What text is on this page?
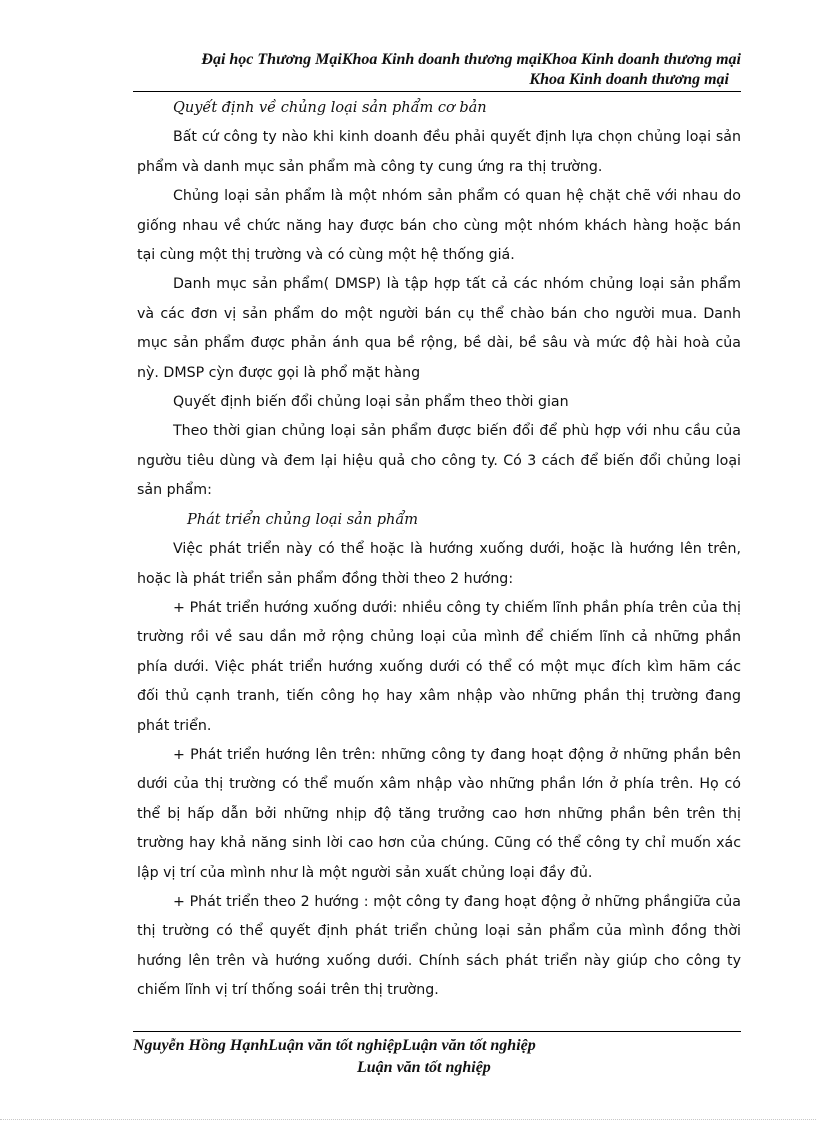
Đại học Thương MạiKhoa Kinh doanh thương mạiKhoa Kinh doanh thương mại
Khoa Kinh doanh thương mại

Quyết định về chủng loại sản phẩm cơ bản

Bất cứ công ty nào khi kinh doanh đều phải quyết định lựa chọn chủng loại sản phẩm và danh mục sản phẩm mà công ty cung ứng ra thị trường.

Chủng loại sản phẩm là một nhóm sản phẩm có quan hệ chặt chẽ với nhau do giống nhau về chức năng hay được bán cho cùng một nhóm khách hàng hoặc bán tại cùng một thị trường và có cùng một hệ thống giá.

Danh mục sản phẩm( DMSP) là tập hợp tất cả các nhóm chủng loại sản phẩm và các đơn vị sản phẩm do một người bán cụ thể chào bán cho người mua. Danh mục sản phẩm được phản ánh qua bề rộng, bề dài, bề sâu và mức độ hài hoà của nỳ. DMSP cỳn được gọi là phổ mặt hàng

Quyết định biến đổi chủng loại sản phẩm theo thời gian

Theo thời gian chủng loại sản phẩm được biến đổi để phù hợp với nhu cầu của ngườu tiêu dùng và đem lại hiệu quả cho công ty. Có 3 cách để biến đổi chủng loại sản phẩm:

Phát triển chủng loại sản phẩm

Việc phát triển này có thể hoặc là hướng xuống dưới, hoặc là hướng lên trên, hoặc là phát triển sản phẩm đồng thời theo 2 hướng:

+ Phát triển hướng xuống dưới: nhiều công ty chiếm lĩnh phần phía trên của thị trường rồi về sau dần mở rộng chủng loại của mình để chiếm lĩnh cả những phần phía dưới. Việc phát triển hướng xuống dưới có thể có một mục đích kìm hãm các đối thủ cạnh tranh, tiến công họ hay xâm nhập vào những phần thị trường đang phát triển.

+ Phát triển hướng lên trên: những công ty đang hoạt động ở những phần bên dưới của thị trường có thể muốn xâm nhập vào những phần lớn ở phía trên. Họ có thể bị hấp dẫn bởi những nhịp độ tăng trưởng cao hơn những phần bên trên thị trường hay khả năng sinh lời cao hơn của chúng. Cũng có thể công ty chỉ muốn xác lập vị trí của mình như là một người sản xuất chủng loại đầy đủ.

+ Phát triển theo 2 hướng : một công ty đang hoạt động ở những phầngiữa của thị trường có thể quyết định phát triển chủng loại sản phẩm của mình đồng thời hướng lên trên và hướng xuống dưới. Chính sách phát triển này giúp cho công ty chiếm lĩnh vị trí thống soái trên thị trường.

Nguyễn Hồng HạnhLuận văn tốt nghiệpLuận văn tốt nghiệp
Luận văn tốt nghiệp
